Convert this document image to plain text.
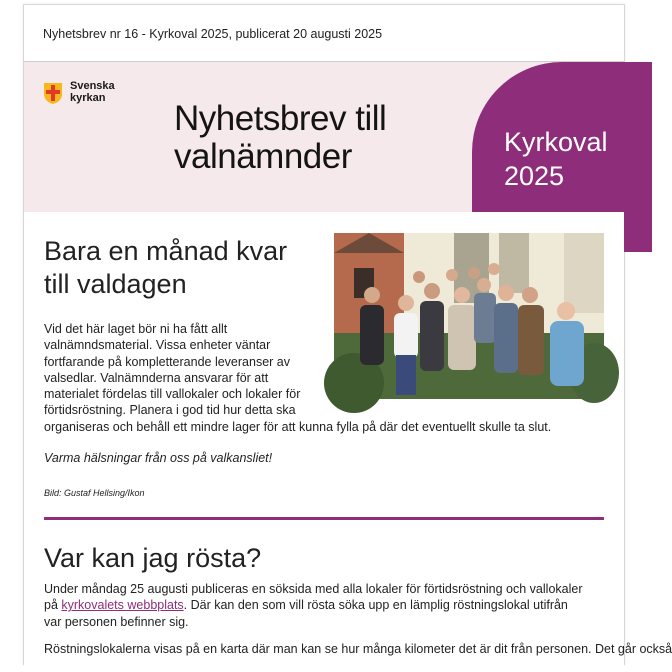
Nyhetsbrev nr 16 - Kyrkoval 2025, publicerat 20 augusti 2025
Svenska
kyrkan
Nyhetsbrev till
valnämnder	Kyrkoval
2025
Bara en månad kvar
till valdagen
Vid det här laget bör ni ha fått allt
valnämndsmaterial. Vissa enheter väntar
fortfarande på kompletterande leveranser av
valsedlar. Valnämnderna ansvarar för att
materialet fördelas till vallokaler och lokaler för
förtidsröstning. Planera i god tid hur detta ska
organiseras och behåll ett mindre lager för att kunna fylla på där det eventuellt skulle ta slut.
Varma hälsningar från oss på valkansliet!
Bild: Gustaf Hellsing/Ikon
Var kan jag rösta?
Under måndag 25 augusti publiceras en söksida med alla lokaler för förtidsröstning och vallokaler
på kyrkovalets webbplats. Där kan den som vill rösta söka upp en lämplig röstningslokal utifrån
var personen befinner sig.
Röstningslokalerna visas på en karta där man kan se hur många kilometer det är dit från personen. Det går också
